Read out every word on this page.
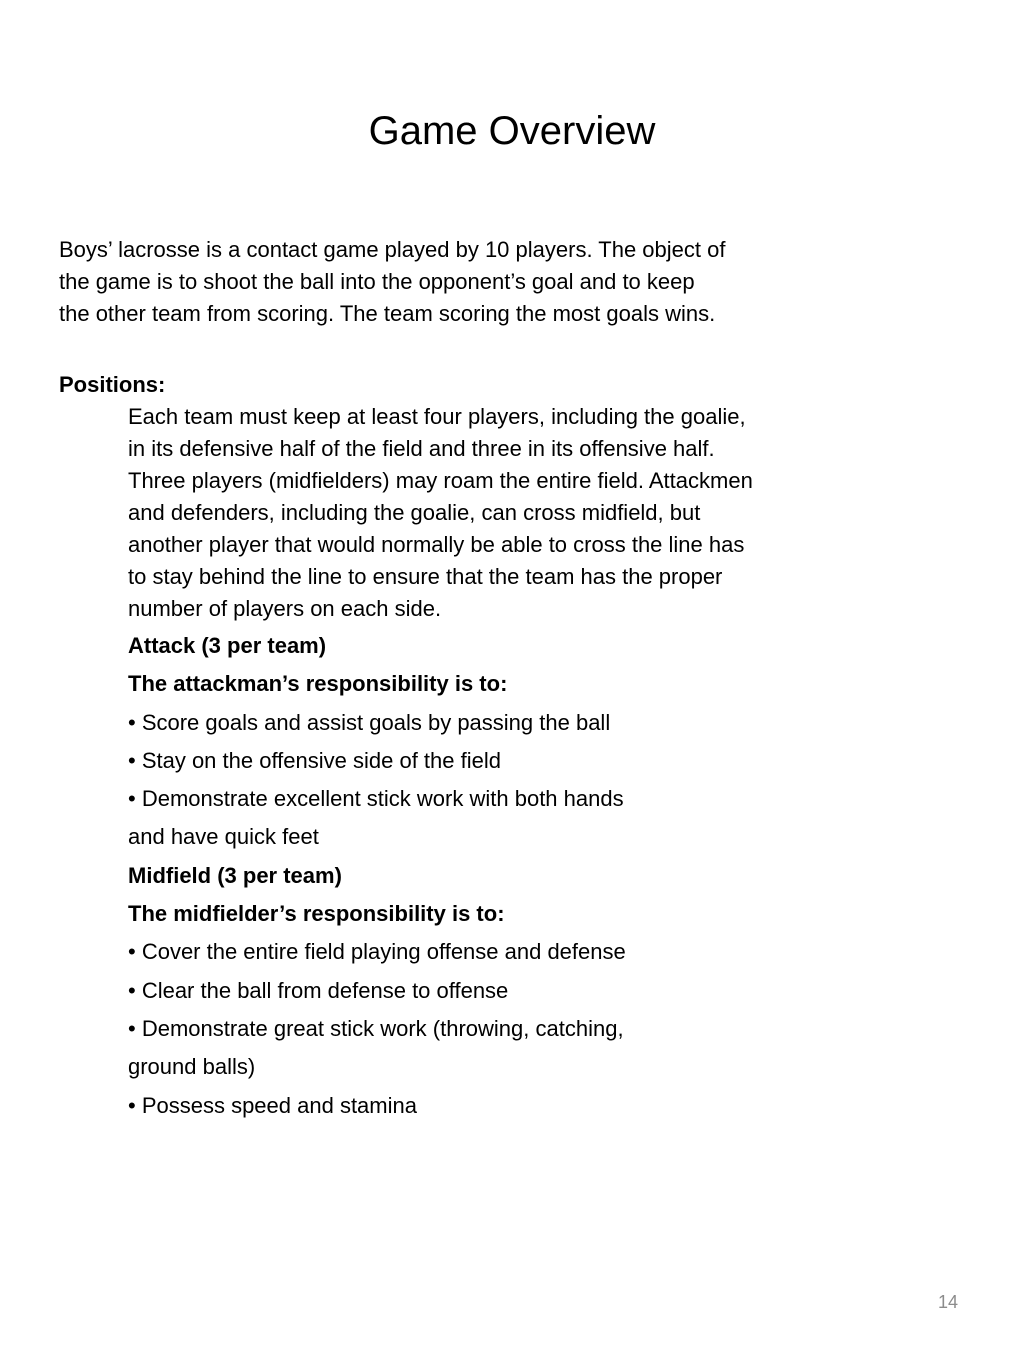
Game Overview

Boys’ lacrosse is a contact game played by 10 players. The object of
the game is to shoot the ball into the opponent’s goal and to keep
the other team from scoring. The team scoring the most goals wins.

Positions:

Each team must keep at least four players, including the goalie,
in its defensive half of the field and three in its offensive half.
Three players (midfielders) may roam the entire field. Attackmen
and defenders, including the goalie, can cross midfield, but
another player that would normally be able to cross the line has
to stay behind the line to ensure that the team has the proper
number of players on each side.

Attack (3 per team)
The attackman’s responsibility is to:
• Score goals and assist goals by passing the ball
• Stay on the offensive side of the field
• Demonstrate excellent stick work with both hands
and have quick feet
Midfield (3 per team)
The midfielder’s responsibility is to:
• Cover the entire field playing offense and defense
• Clear the ball from defense to offense
• Demonstrate great stick work (throwing, catching,
ground balls)
• Possess speed and stamina
14
